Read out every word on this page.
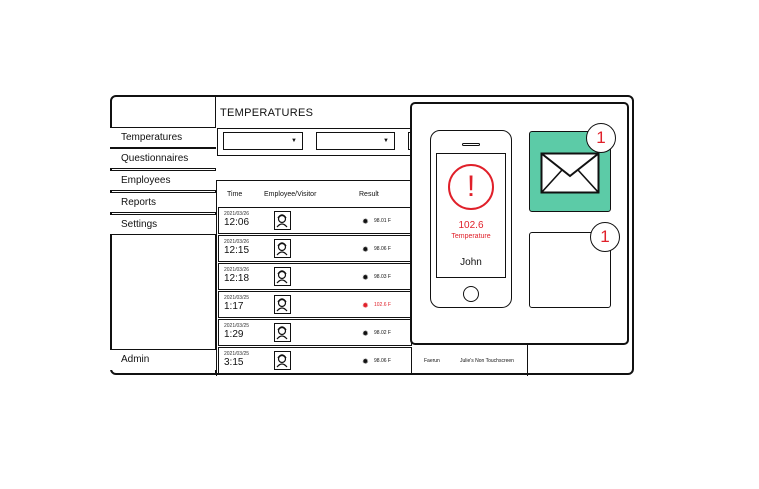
Temperatures
Questionnaires
Employees
Reports
Settings
Admin
TEMPERATURES
▼	▼
Time	Employee/Visitor	Result
2021/03/26
12:06	✹ 98.01 F
2021/03/26
12:15	✹ 98.06 F
2021/03/26
12:18	✹ 98.03 F
2021/03/25
1:17	✹ 102.6 F
2021/03/25
1:29	✹ 98.02 F
2021/03/25
3:15	✹ 98.06 F	Faerun	Julie's Non Touchscreen
!
102.6
Temperature
John
1
1
